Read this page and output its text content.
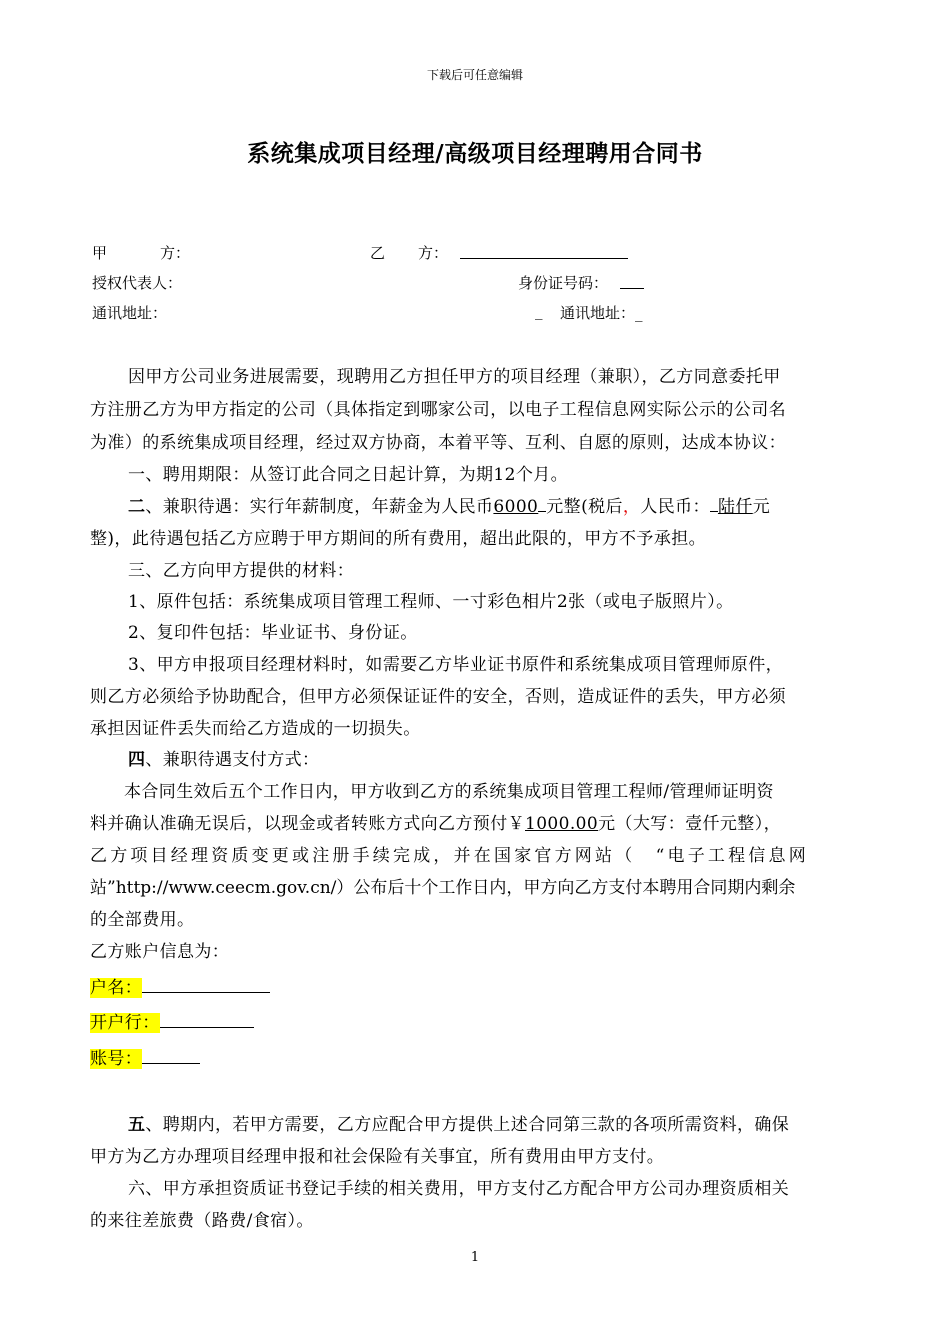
下载后可任意编辑
系统集成项目经理/高级项目经理聘用合同书
甲	方：	乙 方：
授权代表人：	身份证号码：
通讯地址：	_ 通讯地址：_
因甲方公司业务进展需要，现聘用乙方担任甲方的项目经理（兼职），乙方同意委托甲
方注册乙方为甲方指定的公司（具体指定到哪家公司，以电子工程信息网实际公示的公司名
为准）的系统集成项目经理，经过双方协商，本着平等、互利、自愿的原则，达成本协议：
一、聘用期限：从签订此合同之日起计算，为期12个月。
二、兼职待遇：实行年薪制度，年薪金为人民币6000 元整(税后，人民币： 陆仟元
整)，此待遇包括乙方应聘于甲方期间的所有费用，超出此限的，甲方不予承担。
三、乙方向甲方提供的材料：
1、原件包括：系统集成项目管理工程师、一寸彩色相片2张（或电子版照片）。
2、复印件包括：毕业证书、身份证。
3、甲方申报项目经理材料时，如需要乙方毕业证书原件和系统集成项目管理师原件，
则乙方必须给予协助配合，但甲方必须保证证件的安全，否则，造成证件的丢失，甲方必须
承担因证件丢失而给乙方造成的一切损失。
四、兼职待遇支付方式：
本合同生效后五个工作日内，甲方收到乙方的系统集成项目管理工程师/管理师证明资
料并确认准确无误后，以现金或者转账方式向乙方预付￥1000.00元（大写：壹仟元整），
乙方项目经理资质变更或注册手续完成，并在国家官方网站（　“电子工程信息网
站”http://www.ceecm.gov.cn/）公布后十个工作日内，甲方向乙方支付本聘用合同期内剩余
的全部费用。
乙方账户信息为：
户名：
开户行：
账号：
五、聘期内，若甲方需要，乙方应配合甲方提供上述合同第三款的各项所需资料，确保
甲方为乙方办理项目经理申报和社会保险有关事宜，所有费用由甲方支付。
六、甲方承担资质证书登记手续的相关费用，甲方支付乙方配合甲方公司办理资质相关
的来往差旅费（路费/食宿）。
1
